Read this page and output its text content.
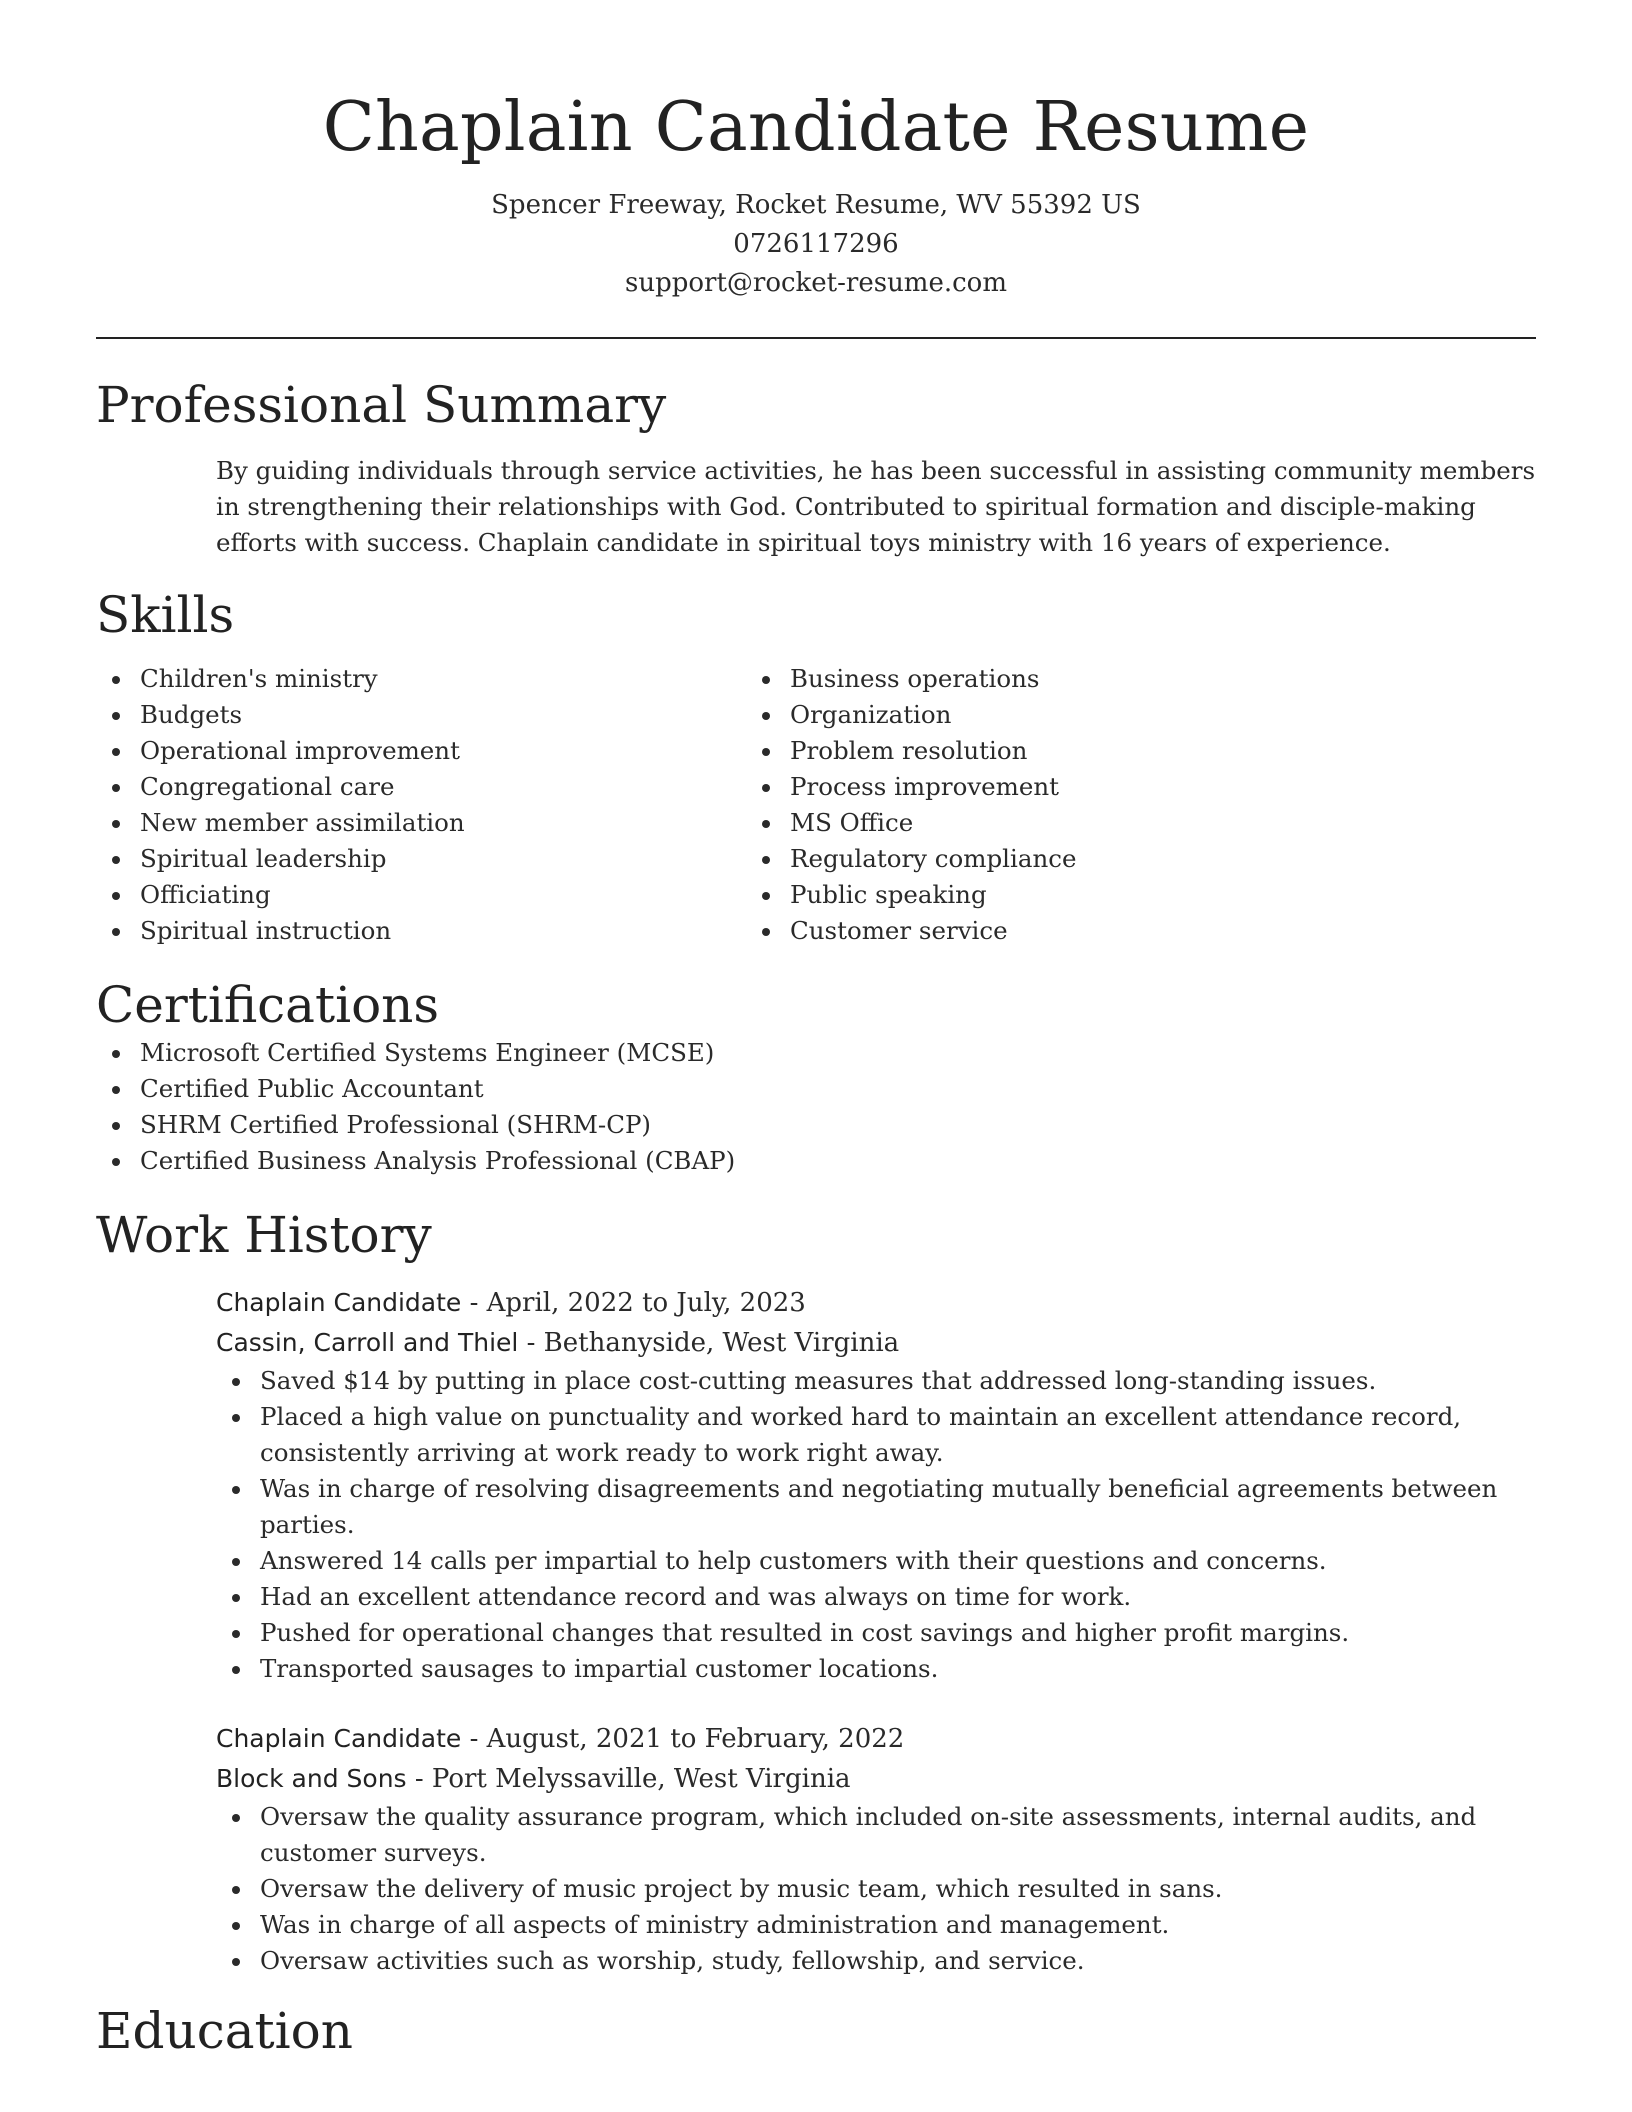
Chaplain Candidate Resume
Spencer Freeway, Rocket Resume, WV 55392 US
0726117296
support@rocket-resume.com
Professional Summary

By guiding individuals through service activities, he has been successful in assisting community members in strengthening their relationships with God. Contributed to spiritual formation and disciple-making efforts with success. Chaplain candidate in spiritual toys ministry with 16 years of experience.

Skills
Children's ministry
Budgets
Operational improvement
Congregational care
New member assimilation
Spiritual leadership
Officiating
Spiritual instruction
Business operations
Organization
Problem resolution
Process improvement
MS Office
Regulatory compliance
Public speaking
Customer service
Certifications
Microsoft Certified Systems Engineer (MCSE)
Certified Public Accountant
SHRM Certified Professional (SHRM-CP)
Certified Business Analysis Professional (CBAP)
Work History
Chaplain Candidate - April, 2022 to July, 2023
Cassin, Carroll and Thiel - Bethanyside, West Virginia
Saved $14 by putting in place cost-cutting measures that addressed long-standing issues.
Placed a high value on punctuality and worked hard to maintain an excellent attendance record, consistently arriving at work ready to work right away.
Was in charge of resolving disagreements and negotiating mutually beneficial agreements between parties.
Answered 14 calls per impartial to help customers with their questions and concerns.
Had an excellent attendance record and was always on time for work.
Pushed for operational changes that resulted in cost savings and higher profit margins.
Transported sausages to impartial customer locations.
Chaplain Candidate - August, 2021 to February, 2022
Block and Sons - Port Melyssaville, West Virginia
Oversaw the quality assurance program, which included on-site assessments, internal audits, and customer surveys.
Oversaw the delivery of music project by music team, which resulted in sans.
Was in charge of all aspects of ministry administration and management.
Oversaw activities such as worship, study, fellowship, and service.
Education
